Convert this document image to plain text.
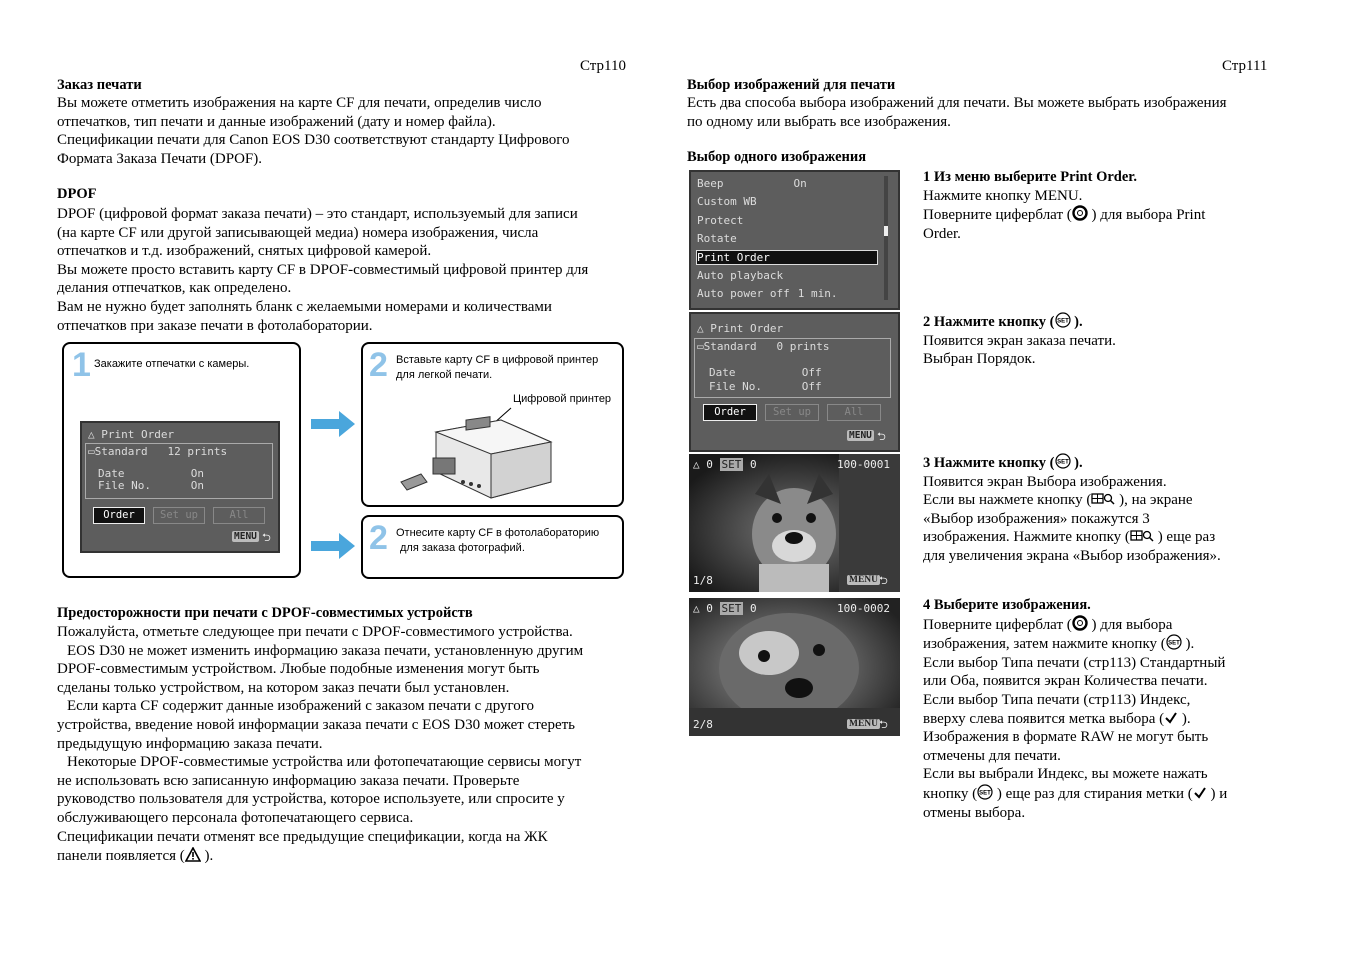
Стр110
Заказ печати

Вы можете отметить изображения на карте CF для печати, определив число

отпечатков, тип печати и данные изображений (дату и номер файла).

Спецификации печати для Canon EOS D30 соответствуют стандарту Цифрового

Формата Заказа Печати (DPOF).

DPOF

DPOF (цифровой формат заказа печати) – это стандарт, используемый для записи

(на карте CF или другой записывающей медиа) номера изображения, числа

отпечатков и т.д. изображений, снятых цифровой камерой.

Вы можете просто вставить карту CF в DPOF-совместимый цифровой принтер для

делания отпечатков, как определено.

Вам не нужно будет заполнять бланк с желаемыми номерами и количествами

отпечатков при заказе печати в фотолаборатории.

1 Закажите отпечатки с камеры.
△ Print Order
▭Standard 12 prints
Date	On
File No.	On
Order	Set up	All
MENU ⮌
2 Вставьте карту CF в цифровой принтер
для легкой печати.
Цифровой принтер
2 Отнесите карту CF в фотолабораторию
для заказа фотографий.
Предосторожности при печати с DPOF-совместимых устройств

Пожалуйста, отметьте следующее при печати с DPOF-совместимого устройства.

EOS D30 не может изменить информацию заказа печати, установленную другим

DPOF-совместимым устройством. Любые подобные изменения могут быть

сделаны только устройством, на котором заказ печати был установлен.

Если карта CF содержит данные изображений с заказом печати с другого

устройства, введение новой информации заказа печати с EOS D30 может стереть

предыдущую информацию заказа печати.

Некоторые DPOF-совместимые устройства или фотопечатающие сервисы могут

не использовать всю записанную информацию заказа печати. Проверьте

руководство пользователя для устройства, которое используете, или спросите у

обслуживающего персонала фотопечатающего сервиса.

Спецификации печати отменят все предыдущие спецификации, когда на ЖК

панели появляется ( ).
Стр111
Выбор изображений для печати

Есть два способа выбора изображений для печати. Вы можете выбрать изображения

по одному или выбрать все изображения.

Выбор одного изображения
Beep	On
Custom WB
Protect
Rotate
Print Order
Auto playback
Auto power off 1 min.
△ Print Order
▭Standard 0 prints
Date	Off
File No.	Off
Order	Set up	All
MENU ⮌
△ 0 SET 0	100-0001
1/8	MENU ⮌
△ 0 SET 0	100-0002
2/8	MENU ⮌

1 Из меню выберите Print Order.

Нажмите кнопку MENU.

Поверните циферблат ( ) для выбора Print

Order.

2 Нажмите кнопку ( SET ).

Появится экран заказа печати.

Выбран Порядок.

3 Нажмите кнопку ( SET ).

Появится экран Выбора изображения.

Если вы нажмете кнопку ( ), на экране

«Выбор изображения» покажутся 3

изображения. Нажмите кнопку ( ) еще раз

для увеличения экрана «Выбор изображения».

4 Выберите изображения.

Поверните циферблат ( ) для выбора

изображения, затем нажмите кнопку ( SET ).

Если выбор Типа печати (стр113) Стандартный

или Оба, появится экран Количества печати.

Если выбор Типа печати (стр113) Индекс,

вверху слева появится метка выбора ( ).

Изображения в формате RAW не могут быть

отмечены для печати.

Если вы выбрали Индекс, вы можете нажать

кнопку ( SET ) еще раз для стирания метки ( ) и

отмены выбора.
